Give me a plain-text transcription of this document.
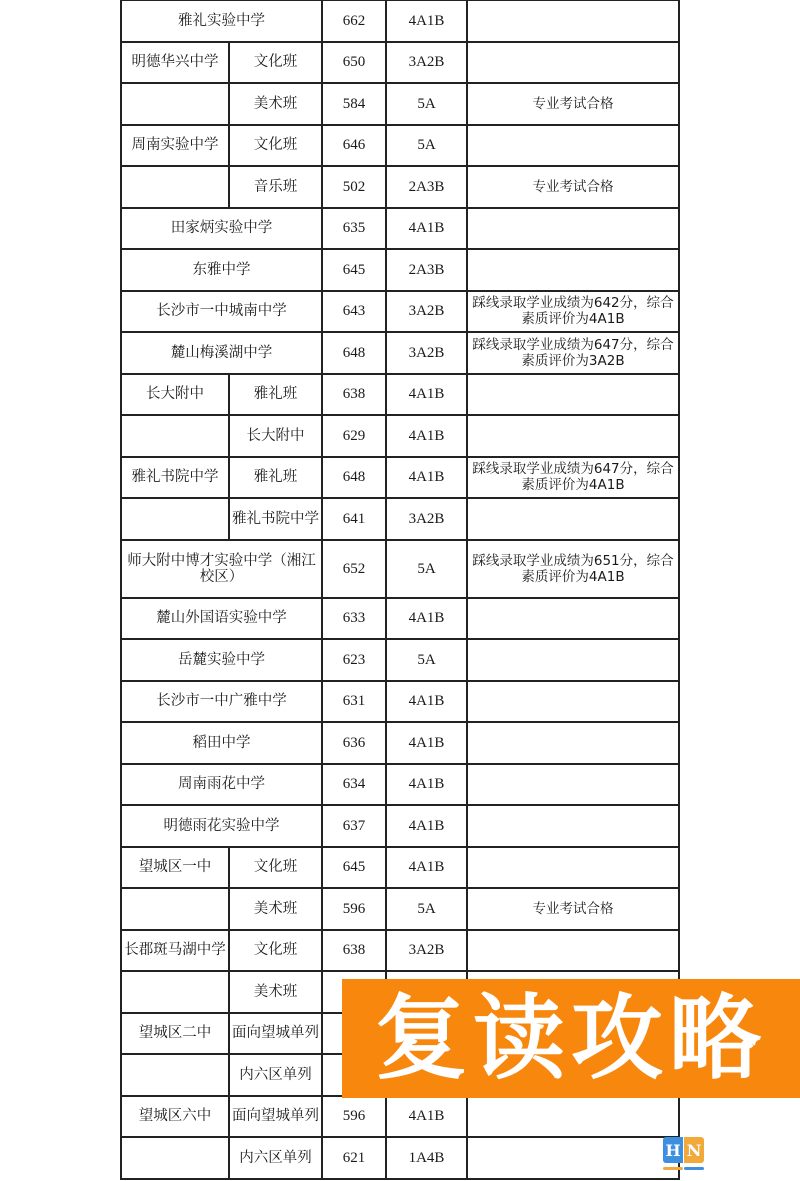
雅礼实验中学		662	4A1B	
明德华兴中学	文化班	650	3A2B	
	美术班	584	5A	专业考试合格
周南实验中学	文化班	646	5A	
	音乐班	502	2A3B	专业考试合格
田家炳实验中学		635	4A1B	
东雅中学		645	2A3B	
长沙市一中城南中学		643	3A2B	踩线录取学业成绩为642分，综合素质评价为4A1B
麓山梅溪湖中学		648	3A2B	踩线录取学业成绩为647分，综合素质评价为3A2B
长大附中	雅礼班	638	4A1B	
	长大附中	629	4A1B	
雅礼书院中学	雅礼班	648	4A1B	踩线录取学业成绩为647分，综合素质评价为4A1B
	雅礼书院中学	641	3A2B	
师大附中博才实验中学（湘江校区）		652	5A	踩线录取学业成绩为651分，综合素质评价为4A1B
麓山外国语实验中学		633	4A1B	
岳麓实验中学		623	5A	
长沙市一中广雅中学		631	4A1B	
稻田中学		636	4A1B	
周南雨花中学		634	4A1B	
明德雨花实验中学		637	4A1B	
望城区一中	文化班	645	4A1B	
	美术班	596	5A	专业考试合格
长郡斑马湖中学	文化班	638	3A2B	
	美术班			
望城区二中	面向望城单列			
	内六区单列			
望城区六中	面向望城单列	596	4A1B	
	内六区单列	621	1A4B	
复读攻略
H N
